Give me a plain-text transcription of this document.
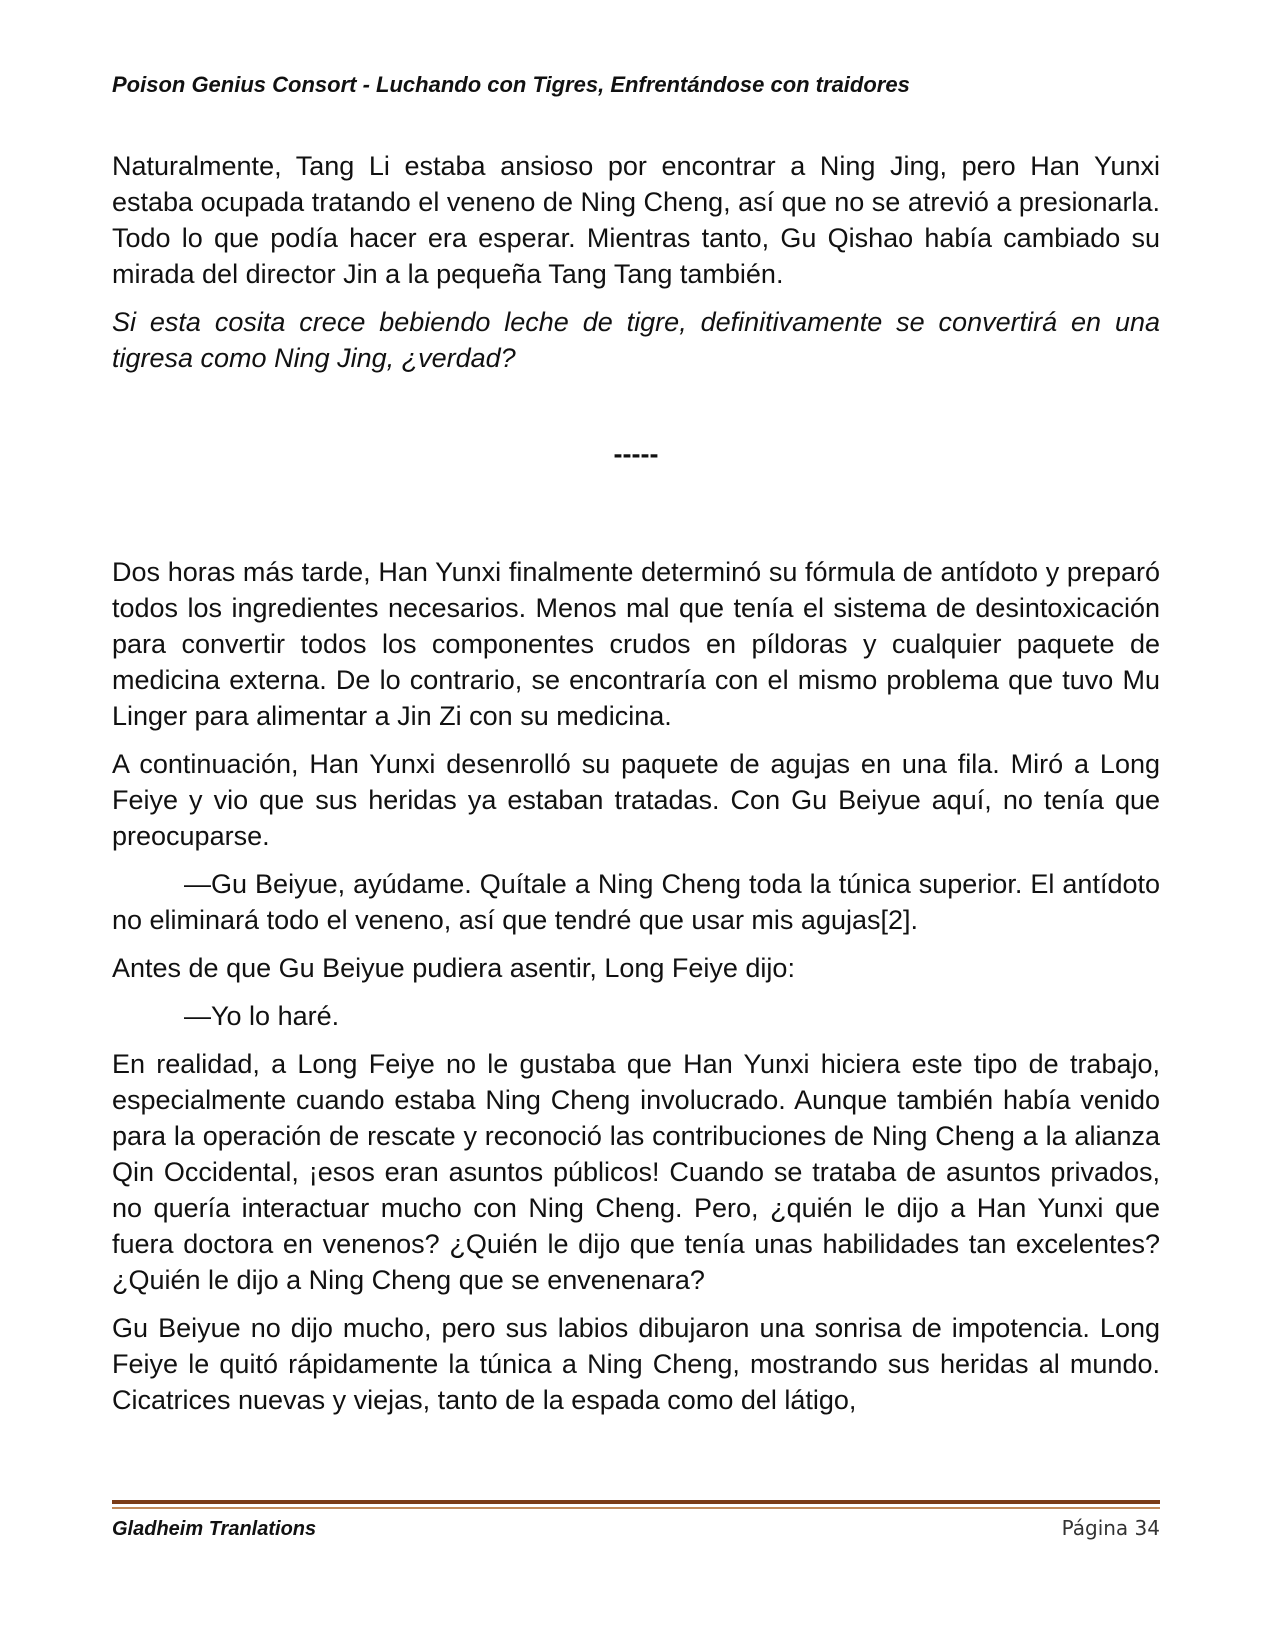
Poison Genius Consort - Luchando con Tigres, Enfrentándose con traidores

Naturalmente, Tang Li estaba ansioso por encontrar a Ning Jing, pero Han Yunxi estaba ocupada tratando el veneno de Ning Cheng, así que no se atrevió a presionarla. Todo lo que podía hacer era esperar. Mientras tanto, Gu Qishao había cambiado su mirada del director Jin a la pequeña Tang Tang también.

Si esta cosita crece bebiendo leche de tigre, definitivamente se convertirá en una tigresa como Ning Jing, ¿verdad?

-----

Dos horas más tarde, Han Yunxi finalmente determinó su fórmula de antídoto y preparó todos los ingredientes necesarios. Menos mal que tenía el sistema de desintoxicación para convertir todos los componentes crudos en píldoras y cualquier paquete de medicina externa. De lo contrario, se encontraría con el mismo problema que tuvo Mu Linger para alimentar a Jin Zi con su medicina.

A continuación, Han Yunxi desenrolló su paquete de agujas en una fila. Miró a Long Feiye y vio que sus heridas ya estaban tratadas. Con Gu Beiyue aquí, no tenía que preocuparse.

—Gu Beiyue, ayúdame. Quítale a Ning Cheng toda la túnica superior. El antídoto no eliminará todo el veneno, así que tendré que usar mis agujas[2].

Antes de que Gu Beiyue pudiera asentir, Long Feiye dijo:

—Yo lo haré.

En realidad, a Long Feiye no le gustaba que Han Yunxi hiciera este tipo de trabajo, especialmente cuando estaba Ning Cheng involucrado. Aunque también había venido para la operación de rescate y reconoció las contribuciones de Ning Cheng a la alianza Qin Occidental, ¡esos eran asuntos públicos! Cuando se trataba de asuntos privados, no quería interactuar mucho con Ning Cheng. Pero, ¿quién le dijo a Han Yunxi que fuera doctora en venenos? ¿Quién le dijo que tenía unas habilidades tan excelentes? ¿Quién le dijo a Ning Cheng que se envenenara?

Gu Beiyue no dijo mucho, pero sus labios dibujaron una sonrisa de impotencia. Long Feiye le quitó rápidamente la túnica a Ning Cheng, mostrando sus heridas al mundo. Cicatrices nuevas y viejas, tanto de la espada como del látigo,

Gladheim Tranlations	Página 34
